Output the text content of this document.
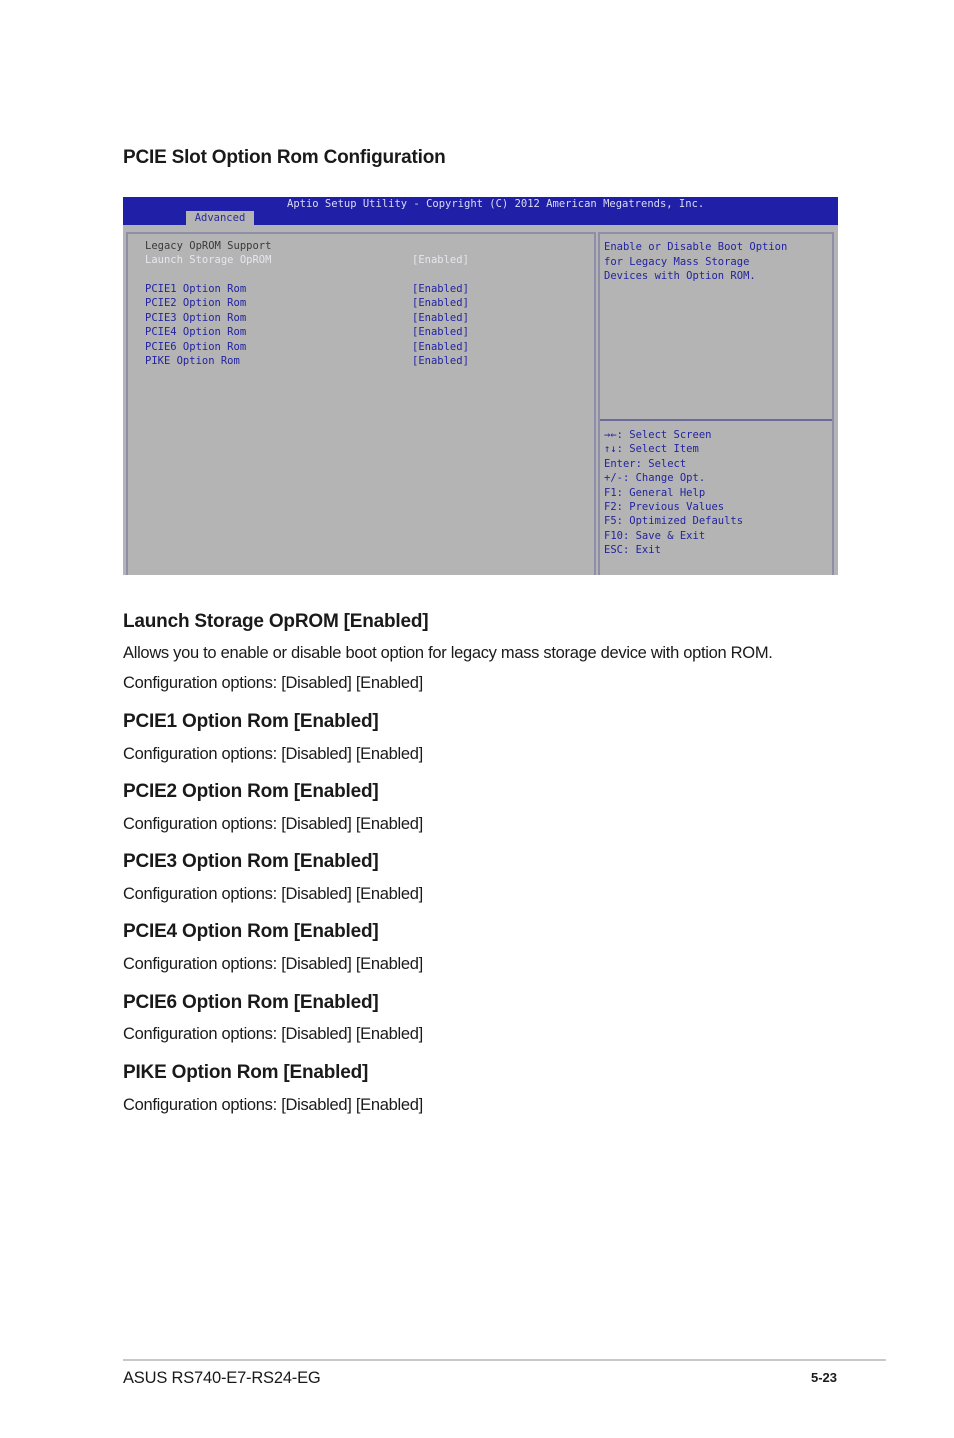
PCIE Slot Option Rom Configuration
Aptio Setup Utility - Copyright (C) 2012 American Megatrends, Inc.
Advanced
Legacy OpROM Support
Launch Storage OpROM	[Enabled]
PCIE1 Option Rom	[Enabled]
PCIE2 Option Rom	[Enabled]
PCIE3 Option Rom	[Enabled]
PCIE4 Option Rom	[Enabled]
PCIE6 Option Rom	[Enabled]
PIKE Option Rom	[Enabled]
Enable or Disable Boot Option
for Legacy Mass Storage
Devices with Option ROM.
→←: Select Screen
↑↓: Select Item
Enter: Select
+/-: Change Opt.
F1: General Help
F2: Previous Values
F5: Optimized Defaults
F10: Save & Exit
ESC: Exit
Launch Storage OpROM [Enabled]

Allows you to enable or disable boot option for legacy mass storage device with option ROM.

Configuration options: [Disabled] [Enabled]

PCIE1 Option Rom [Enabled]

Configuration options: [Disabled] [Enabled]

PCIE2 Option Rom [Enabled]

Configuration options: [Disabled] [Enabled]

PCIE3 Option Rom [Enabled]

Configuration options: [Disabled] [Enabled]

PCIE4 Option Rom [Enabled]

Configuration options: [Disabled] [Enabled]

PCIE6 Option Rom [Enabled]

Configuration options: [Disabled] [Enabled]

PIKE Option Rom [Enabled]

Configuration options: [Disabled] [Enabled]

ASUS RS740-E7-RS24-EG	5-23
